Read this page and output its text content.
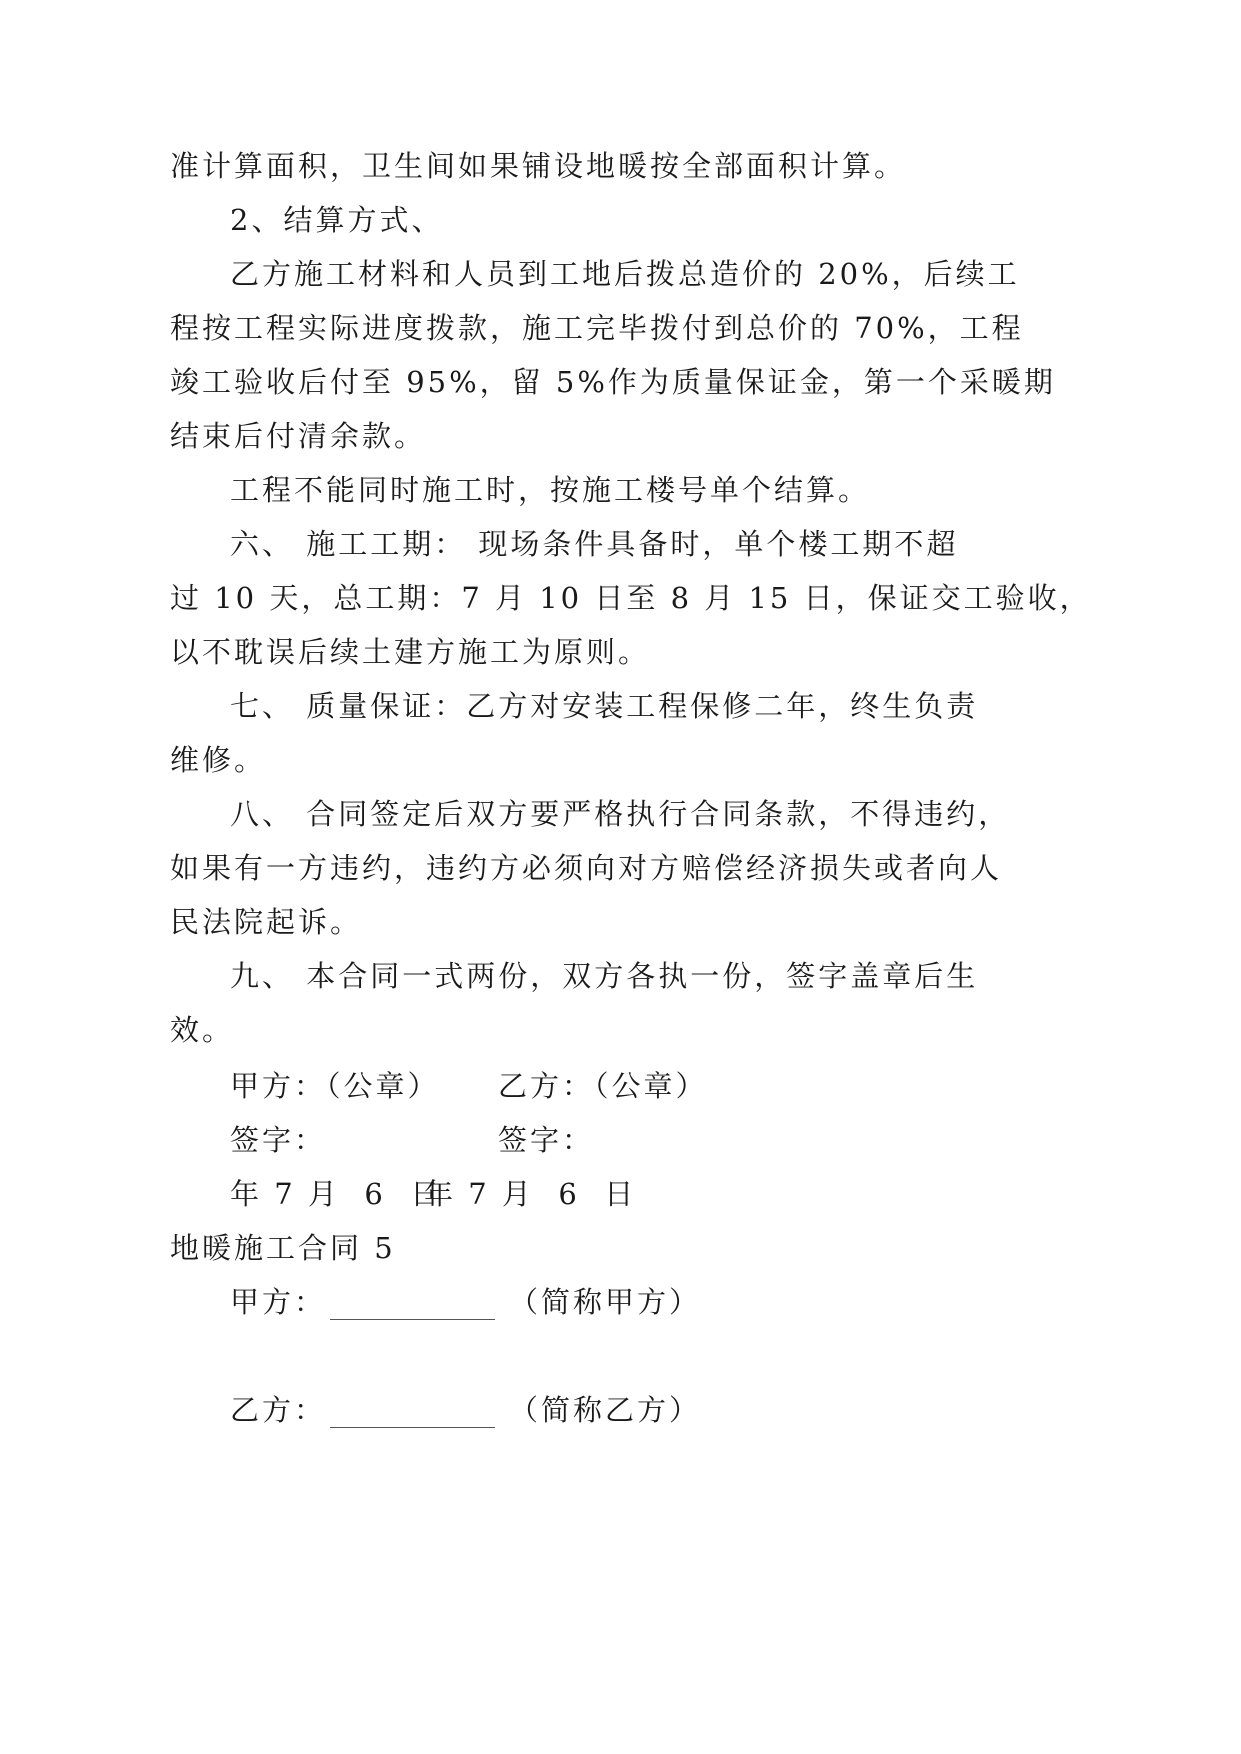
准计算面积，卫生间如果铺设地暖按全部面积计算。
2、结算方式、
乙方施工材料和人员到工地后拨总造价的 20%，后续工
程按工程实际进度拨款，施工完毕拨付到总价的 70%，工程
竣工验收后付至 95%，留 5%作为质量保证金，第一个采暖期
结束后付清余款。
工程不能同时施工时，按施工楼号单个结算。
六、 施工工期： 现场条件具备时，单个楼工期不超
过 10 天，总工期：7 月 10 日至 8 月 15 日，保证交工验收，
以不耽误后续土建方施工为原则。
七、 质量保证：乙方对安装工程保修二年，终生负责
维修。
八、 合同签定后双方要严格执行合同条款，不得违约，
如果有一方违约，违约方必须向对方赔偿经济损失或者向人
民法院起诉。
九、 本合同一式两份，双方各执一份，签字盖章后生
效。
甲方：（公章） 乙方：（公章）
签字：	签字：
年 7 月  6  日
年 7 月  6  日
地暖施工合同 5
甲方：	（简称甲方）
乙方：	（简称乙方）
